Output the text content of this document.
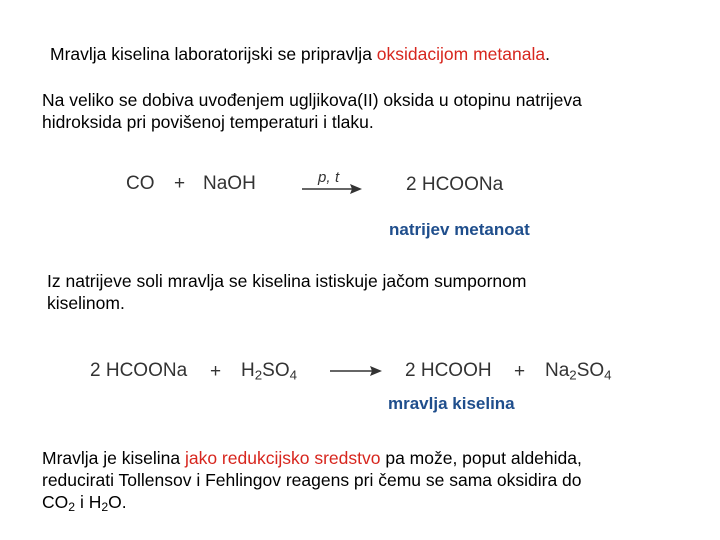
Mravlja kiselina laboratorijski se pripravlja oksidacijom metanala.

Na veliko se dobiva uvođenjem ugljikova(II) oksida u otopinu natrijeva
hidroksida pri povišenoj temperaturi i tlaku.

CO + NaOH	p, t	2 HCOONa
natrijev metanoat

Iz natrijeve soli mravlja se kiselina istiskuje jačom sumpornom
kiselinom.

2 HCOONa + $H_2SO_4 \to 2$ HCOOH + $Na_2SO_4$
mravlja kiselina

Mravlja je kiselina jako redukcijsko sredstvo pa može, poput aldehida,
reducirati Tollensov i Fehlingov reagens pri čemu se sama oksidira do
$CO_2$ i $H_2O$.
